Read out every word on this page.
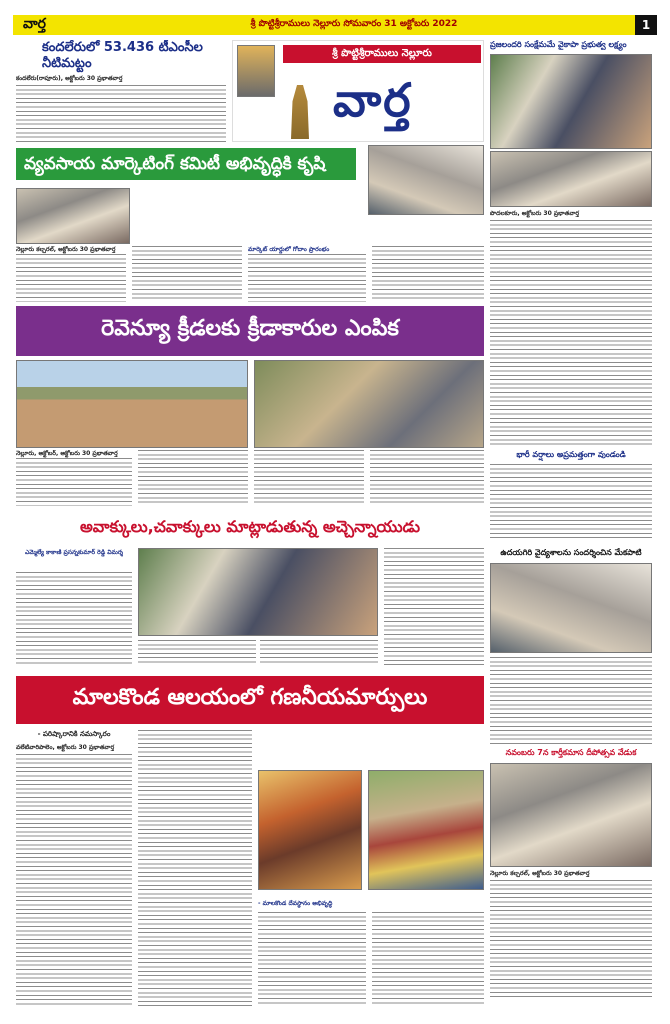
వార్త	శ్రీ పొట్టిశ్రీరాములు నెల్లూరు సోమవారం 31 అక్టోబరు 2022	1
కందలేరులో 53.436 టీఎంసీల నీటిమట్టం
కందలేరు(రాపూరు), అక్టోబరు 30 ప్రభాతవార్త
శ్రీ పొట్టిశ్రీరాములు నెల్లూరు
వార్త
ప్రజలందరి సంక్షేమమే వైకాపా ప్రభుత్వ లక్ష్యం
పొదలకూరు, అక్టోబరు 30 ప్రభాతవార్త
భారీ వర్షాలు అప్రమత్తంగా వుండండి
వ్యవసాయ మార్కెటింగ్ కమిటీ అభివృద్ధికి కృషి
నెల్లూరు కల్చరల్, అక్టోబరు 30 ప్రభాతవార్త	మార్కెట్ యార్డులో గోదాం ప్రారంభం
రెవెన్యూ క్రీడలకు క్రీడాకారుల ఎంపిక
నెల్లూరు, అక్టోబర్, అక్టోబరు 30 ప్రభాతవార్త
అవాక్కులు,చవాక్కులు మాట్లాడుతున్న అచ్చెన్నాయుడు
ఎమ్మెల్యే కాకాణి ప్రసన్నకుమార్ రెడ్డి విమర్శ	ఉదయగిరి వైద్యశాలను సందర్శించిన మేకపాటి
మాలకొండ ఆలయంలో గణనీయమార్పులు
- పరిష్కారానికి నమస్కారం
వలేటివారిపాలెం, అక్టోబరు 30 ప్రభాతవార్త
- మాలకొండ దేవస్థానం అభివృద్ధి
నవంబరు 7న కార్తీకమాస దీపోత్సవ వేడుక
నెల్లూరు కల్చరల్, అక్టోబరు 30 ప్రభాతవార్త
